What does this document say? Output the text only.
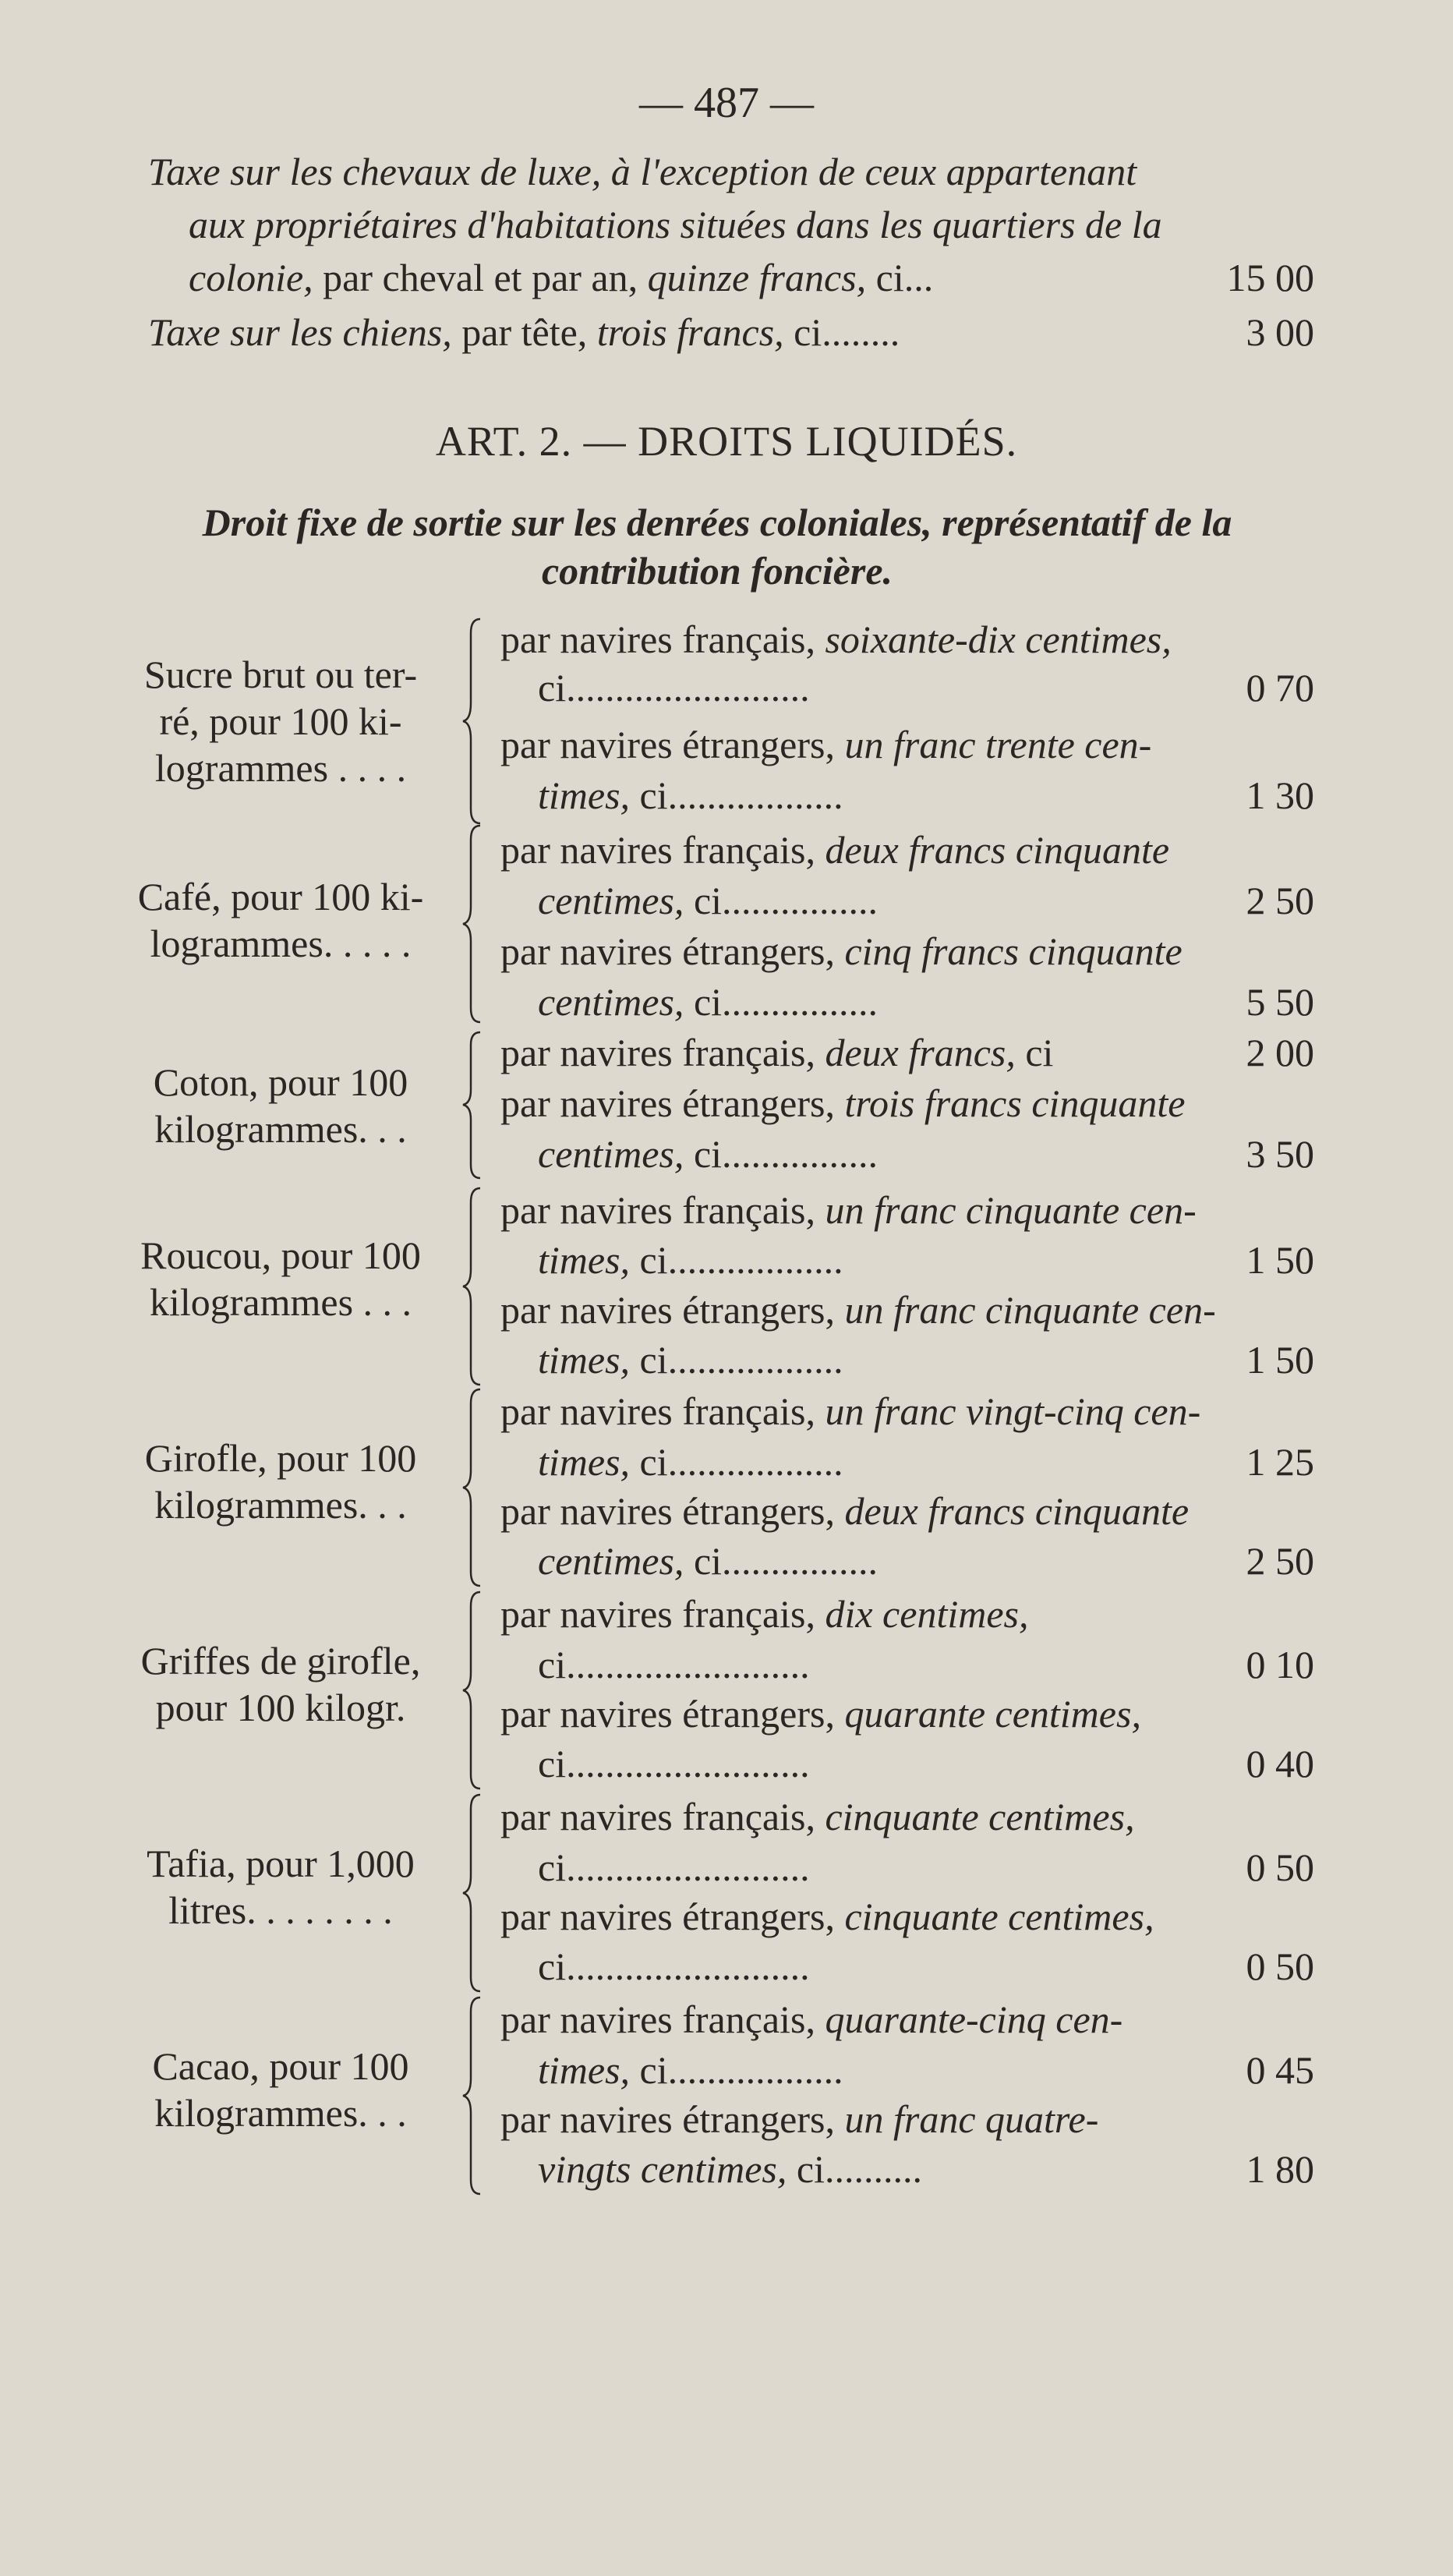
— 487 —
Taxe sur les chevaux de luxe, à l'exception de ceux appartenant
aux propriétaires d'habitations situées dans les quartiers de la
colonie, par cheval et par an, quinze francs, ci...	15 00
Taxe sur les chiens, par tête, trois francs, ci........	3 00
ART. 2. — DROITS LIQUIDÉS.
Droit fixe de sortie sur les denrées coloniales, représentatif de la
contribution foncière.
Sucre brut ou ter-
ré, pour 100 ki-
logrammes . . . .
par navires français, soixante-dix centimes,
ci.........................	0 70
par navires étrangers, un franc trente cen-
times, ci..................	1 30
Café, pour 100 ki-
logrammes. . . . .
par navires français, deux francs cinquante
centimes, ci................	2 50
par navires étrangers, cinq francs cinquante
centimes, ci................	5 50
Coton, pour 100
kilogrammes. . .
par navires français, deux francs, ci	2 00
par navires étrangers, trois francs cinquante
centimes, ci................	3 50
Roucou, pour 100
kilogrammes . . .
par navires français, un franc cinquante cen-
times, ci..................	1 50
par navires étrangers, un franc cinquante cen-
times, ci..................	1 50
Girofle, pour 100
kilogrammes. . .
par navires français, un franc vingt-cinq cen-
times, ci..................	1 25
par navires étrangers, deux francs cinquante
centimes, ci................	2 50
Griffes de girofle,
pour 100 kilogr.
par navires français, dix centimes,
ci.........................	0 10
par navires étrangers, quarante centimes,
ci.........................	0 40
Tafia, pour 1,000
litres. . . . . . . .
par navires français, cinquante centimes,
ci.........................	0 50
par navires étrangers, cinquante centimes,
ci.........................	0 50
Cacao, pour 100
kilogrammes. . .
par navires français, quarante-cinq cen-
times, ci..................	0 45
par navires étrangers, un franc quatre-
vingts centimes, ci..........	1 80
